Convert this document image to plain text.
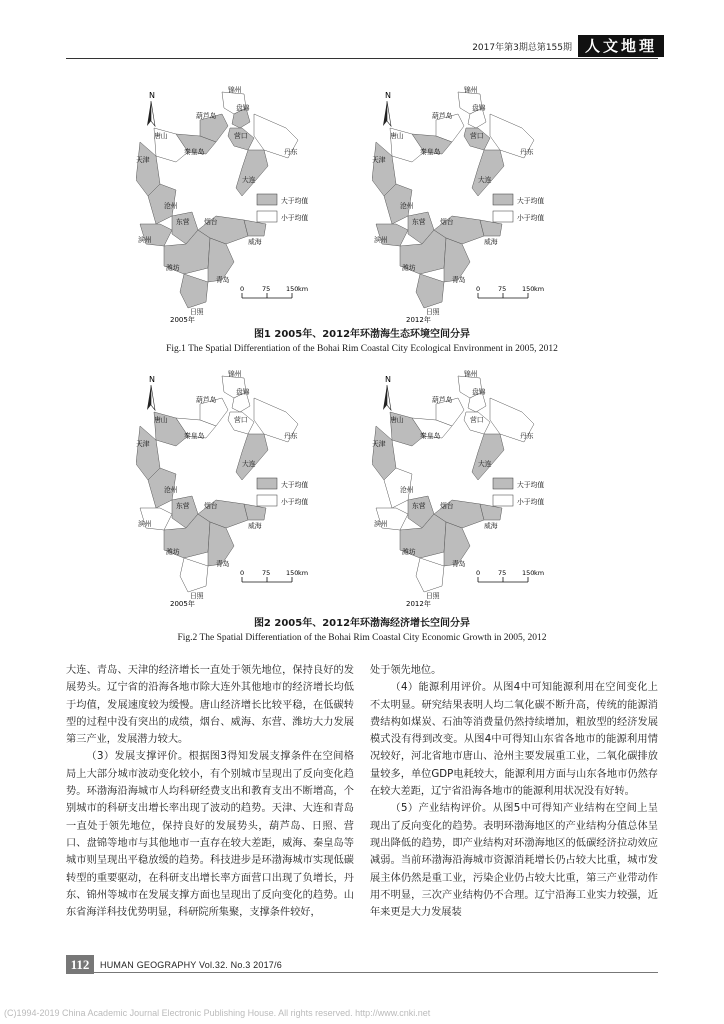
2017年第3期总第155期 人文地理
N
锦州
葫芦岛
盘锦
营口
唐山
秦皇岛	丹东
天津
大连
沧州
东营 烟台
滨州	威海
潍坊
青岛
日照
大于均值
小于均值
0	75 150 km
2005年
N
锦州
葫芦岛
盘锦
营口
唐山
秦皇岛	丹东
天津
大连
沧州
东营 烟台
滨州	威海
潍坊
青岛
日照
大于均值
小于均值
0	75 150 km
2012年
图1 2005年、2012年环渤海生态环境空间分异
Fig.1 The Spatial Differentiation of the Bohai Rim Coastal City Ecological Environment in 2005, 2012
N
锦州
葫芦岛
盘锦
营口
唐山
秦皇岛	丹东
天津
大连
沧州
东营 烟台
滨州	威海
潍坊
青岛
日照
大于均值
小于均值
0	75 150 km
2005年
N
锦州
葫芦岛
盘锦
营口
唐山
秦皇岛	丹东
天津
大连
沧州
东营 烟台
滨州	威海
潍坊
青岛
日照
大于均值
小于均值
0	75 150 km
2012年
图2 2005年、2012年环渤海经济增长空间分异
Fig.2 The Spatial Differentiation of the Bohai Rim Coastal City Economic Growth in 2005, 2012

大连、青岛、天津的经济增长一直处于领先地位，保持良好的发展势头。辽宁省的沿海各地市除大连外其他地市的经济增长均低于均值，发展速度较为缓慢。唐山经济增长比较平稳，在低碳转型的过程中没有突出的成绩，烟台、威海、东营、潍坊大力发展第三产业，发展潜力较大。

（3）发展支撑评价。根据图3得知发展支撑条件在空间格局上大部分城市波动变化较小，有个别城市呈现出了反向变化趋势。环渤海沿海城市人均科研经费支出和教育支出不断增高，个别城市的科研支出增长率出现了波动的趋势。天津、大连和青岛一直处于领先地位，保持良好的发展势头，葫芦岛、日照、营口、盘锦等地市与其他地市一直存在较大差距，威海、秦皇岛等城市则呈现出平稳放缓的趋势。科技进步是环渤海城市实现低碳转型的重要驱动，在科研支出增长率方面营口出现了负增长，丹东、锦州等城市在发展支撑方面也呈现出了反向变化的趋势。山东省海洋科技优势明显，科研院所集聚，支撑条件较好，

处于领先地位。

（4）能源利用评价。从图4中可知能源利用在空间变化上不太明显。研究结果表明人均二氧化碳不断升高，传统的能源消费结构如煤炭、石油等消费量仍然持续增加，粗放型的经济发展模式没有得到改变。从图4中可得知山东省各地市的能源利用情况较好，河北省地市唐山、沧州主要发展重工业，二氧化碳排放量较多，单位GDP电耗较大，能源利用方面与山东各地市仍然存在较大差距，辽宁省沿海各地市的能源利用状况没有好转。

（5）产业结构评价。从图5中可得知产业结构在空间上呈现出了反向变化的趋势。表明环渤海地区的产业结构分值总体呈现出降低的趋势，即产业结构对环渤海地区的低碳经济拉动效应减弱。当前环渤海沿海城市资源消耗增长仍占较大比重，城市发展主体仍然是重工业，污染企业仍占较大比重，第三产业带动作用不明显，三次产业结构仍不合理。辽宁沿海工业实力较强，近年来更是大力发展装

112	HUMAN GEOGRAPHY Vol.32. No.3 2017/6
(C)1994-2019 China Academic Journal Electronic Publishing House. All rights reserved. http://www.cnki.net
